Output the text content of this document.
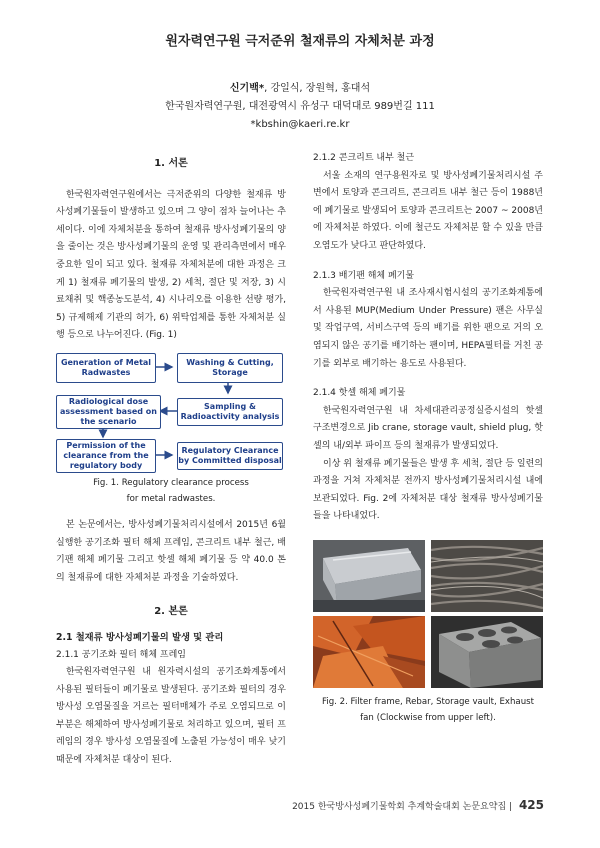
원자력연구원 극저준위 철재류의 자체처분 과정
신기백*, 강일식, 장원혁, 홍대석
한국원자력연구원, 대전광역시 유성구 대덕대로 989번길 111
*kbshin@kaeri.re.kr
1. 서론

한국원자력연구원에서는 극저준위의 다양한 철재류 방사성폐기물들이 발생하고 있으며 그 양이 점차 늘어나는 추세이다. 이에 자체처분을 통하여 철재류 방사성폐기물의 양을 줄이는 것은 방사성폐기물의 운영 및 관리측면에서 매우 중요한 일이 되고 있다. 철재류 자체처분에 대한 과정은 크게 1) 철재류 폐기물의 발생, 2) 세척, 절단 및 저장, 3) 시료채취 및 핵종농도분석, 4) 시나리오를 이용한 선량 평가, 5) 규제해제 기관의 허가, 6) 위탁업체를 통한 자체처분 실행 등으로 나누어진다. (Fig. 1)

Generation of Metal Radwastes
Washing & Cutting, Storage
Radiological dose assessment based on the scenario
Sampling & Radioactivity analysis
Permission of the clearance from the regulatory body
Regulatory Clearance by Committed disposal
Fig. 1. Regulatory clearance process
for metal radwastes.

본 논문에서는, 방사성폐기물처리시설에서 2015년 6월 실행한 공기조화 필터 해체 프레임, 콘크리트 내부 철근, 배기팬 해체 폐기물 그리고 핫셀 해체 폐기물 등 약 40.0 톤의 철재류에 대한 자체처분 과정을 기술하였다.

2. 본론
2.1 철재류 방사성폐기물의 발생 및 관리
2.1.1 공기조화 필터 해체 프레임

한국원자력연구원 내 원자력시설의 공기조화계통에서 사용된 필터들이 폐기물로 발생된다. 공기조화 필터의 경우 방사성 오염물질을 거르는 필터매체가 주로 오염되므로 이 부분은 해체하여 방사성폐기물로 처리하고 있으며, 필터 프레임의 경우 방사성 오염물질에 노출된 가능성이 매우 낮기 때문에 자체처분 대상이 된다.

2.1.2 콘크리트 내부 철근

서울 소재의 연구용원자로 및 방사성폐기물처리시설 주변에서 토양과 콘크리트, 콘크리트 내부 철근 등이 1988년에 폐기물로 발생되어 토양과 콘크리트는 2007 ~ 2008년에 자체처분 하였다. 이에 철근도 자체처분 할 수 있을 만큼 오염도가 낮다고 판단하였다.

2.1.3 배기팬 해체 폐기물

한국원자력연구원 내 조사재시험시설의 공기조화계통에서 사용된 MUP(Medium Under Pressure) 팬은 사무실 및 작업구역, 서비스구역 등의 배기를 위한 팬으로 거의 오염되지 않은 공기를 배기하는 팬이며, HEPA필터를 거친 공기를 외부로 배기하는 용도로 사용된다.

2.1.4 핫셀 해체 폐기물

한국원자력연구원 내 차세대관리공정실증시설의 핫셀 구조변경으로 Jib crane, storage vault, shield plug, 핫셀의 내/외부 파이프 등의 철재류가 발생되었다.

이상 위 철재류 폐기물들은 발생 후 세척, 절단 등 일련의 과정을 거쳐 자체처분 전까지 방사성폐기물처리시설 내에 보관되었다. Fig. 2에 자체처분 대상 철재류 방사성폐기물들을 나타내었다.

Fig. 2. Filter frame, Rebar, Storage vault, Exhaust
fan (Clockwise from upper left).
2015 한국방사성폐기물학회 추계학술대회 논문요약집 | 425
